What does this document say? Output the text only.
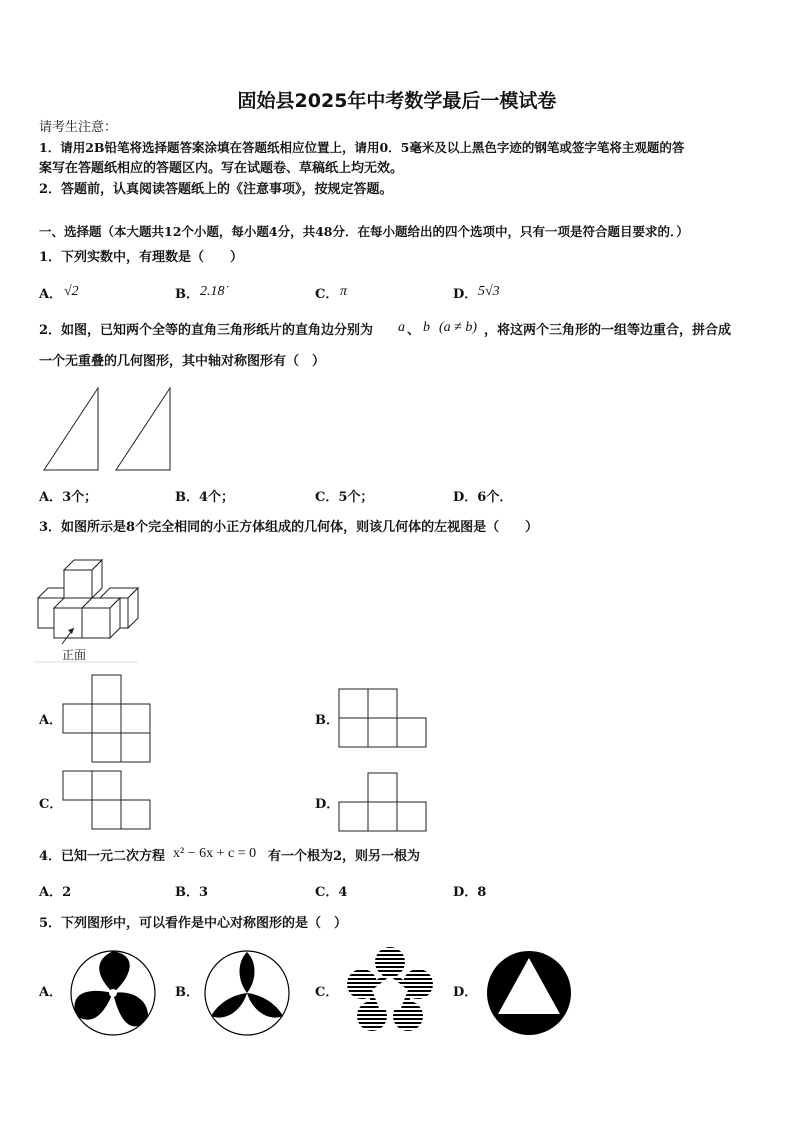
固始县2025年中考数学最后一模试卷
请考生注意：
1．请用2B铅笔将选择题答案涂填在答题纸相应位置上，请用0．5毫米及以上黑色字迹的钢笔或签字笔将主观题的答
案写在答题纸相应的答题区内。写在试题卷、草稿纸上均无效。
2．答题前，认真阅读答题纸上的《注意事项》，按规定答题。
一、选择题（本大题共12个小题，每小题4分，共48分．在每小题给出的四个选项中，只有一项是符合题目要求的．）
1．下列实数中，有理数是（　　）
A． √2	B． 2.1̇8̇	C． π	D． 5√3
2．如图，已知两个全等的直角三角形纸片的直角边分别为 a 、 b (a ≠ b) ，将这两个三角形的一组等边重合，拼合成
一个无重叠的几何图形，其中轴对称图形有（　）
A．3个；	B．4个；	C．5个；	D．6个．
3．如图所示是8个完全相同的小正方体组成的几何体，则该几何体的左视图是（　　）
正面
A．	B．
C．	D．
4．已知一元二次方程 x² − 6x + c = 0 有一个根为2，则另一根为
A．2	B．3	C．4	D．8
5．下列图形中，可以看作是中心对称图形的是（　）
A．	B．	C．	D．
